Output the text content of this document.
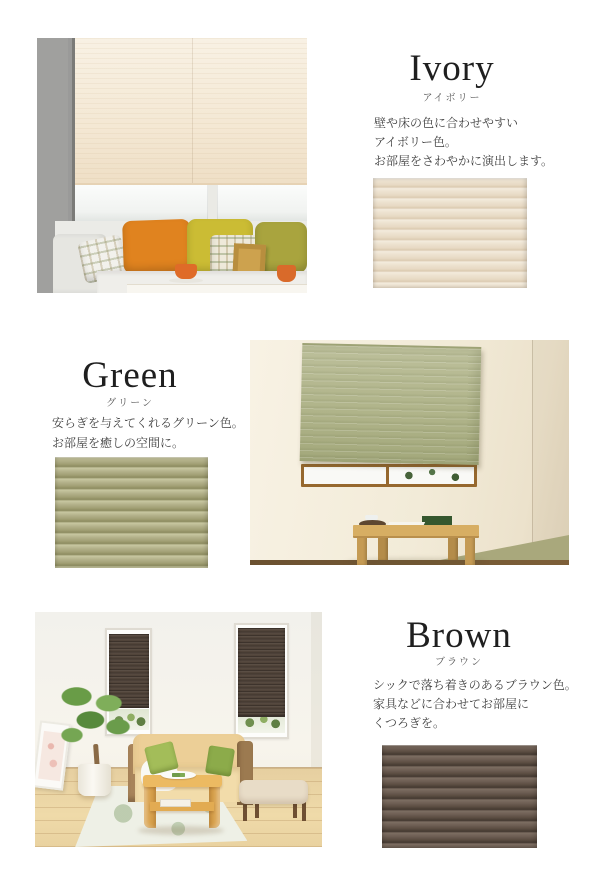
Ivory
アイボリー
壁や床の色に合わせやすい
アイボリー色。
お部屋をさわやかに演出します。
Green
グリーン
安らぎを与えてくれるグリーン色。
お部屋を癒しの空間に。
Brown
ブラウン
シックで落ち着きのあるブラウン色。
家具などに合わせてお部屋に
くつろぎを。
